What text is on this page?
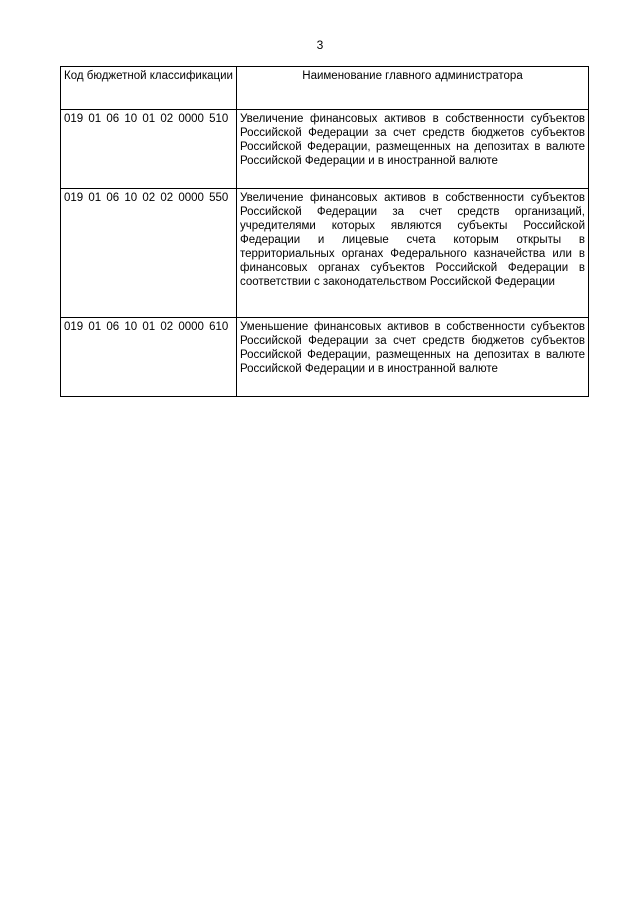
3
Код бюджетной классификации	Наименование главного администратора
019 01 06 10 01 02 0000 510	Увеличение финансовых активов в собственности субъектов Российской Федерации за счет средств бюджетов субъектов Российской Федерации, размещенных на депозитах в валюте Российской Федерации и в иностранной валюте
019 01 06 10 02 02 0000 550	Увеличение финансовых активов в собственности субъектов Российской Федерации за счет средств организаций, учредителями которых являются субъекты Российской Федерации и лицевые счета которым открыты в территориальных органах Федерального казначейства или в финансовых органах субъектов Российской Федерации в соответствии с законодательством Российской Федерации
019 01 06 10 01 02 0000 610	Уменьшение финансовых активов в собственности субъектов Российской Федерации за счет средств бюджетов субъектов Российской Федерации, размещенных на депозитах в валюте Российской Федерации и в иностранной валюте
